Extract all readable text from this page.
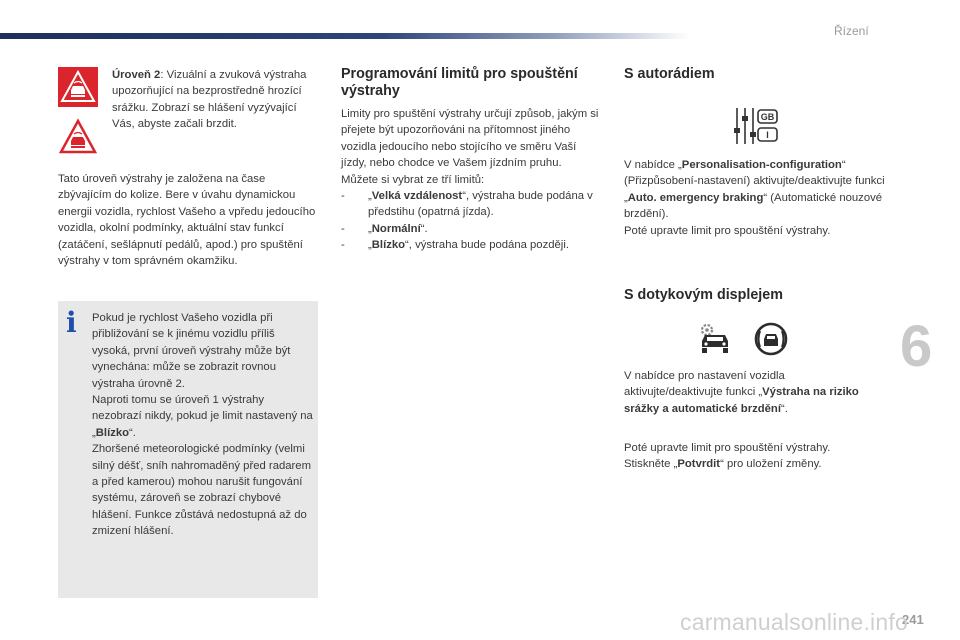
Řízení
6
241
carmanualsonline.info

Úroveň 2: Vizuální a zvuková výstraha upozorňující na bezprostředně hrozící srážku. Zobrazí se hlášení vyzývající Vás, abyste začali brzdit.

Tato úroveň výstrahy je založena na čase zbývajícím do kolize. Bere v úvahu dynamickou energii vozidla, rychlost Vašeho a vpředu jedoucího vozidla, okolní podmínky, aktuální stav funkcí (zatáčení, sešlápnutí pedálů, apod.) pro spuštění výstrahy v tom správném okamžiku.

i Pokud je rychlost Vašeho vozidla při přibližování se k jinému vozidlu příliš vysoká, první úroveň výstrahy může být vynechána: může se zobrazit rovnou výstraha úrovně 2.

Naproti tomu se úroveň 1 výstrahy nezobrazí nikdy, pokud je limit nastavený na „Blízko“.

Zhoršené meteorologické podmínky (velmi silný déšť, sníh nahromaděný před radarem a před kamerou) mohou narušit fungování systému, zároveň se zobrazí chybové hlášení. Funkce zůstává nedostupná až do zmizení hlášení.

Programování limitů pro spouštění výstrahy

Limity pro spuštění výstrahy určují způsob, jakým si přejete být upozorňováni na přítomnost jiného vozidla jedoucího nebo stojícího ve směru Vaší jízdy, nebo chodce ve Vašem jízdním pruhu.

Můžete si vybrat ze tří limitů:

- „Velká vzdálenost“, výstraha bude podána v předstihu (opatrná jízda).
- „Normální“.
- „Blízko“, výstraha bude podána později.
S autorádiem
GB
I

V nabídce „Personalisation-configuration“ (Přizpůsobení-nastavení) aktivujte/deaktivujte funkci „Auto. emergency braking“ (Automatické nouzové brzdění).
Poté upravte limit pro spouštění výstrahy.

S dotykovým displejem

V nabídce pro nastavení vozidla aktivujte/deaktivujte funkci „Výstraha na riziko srážky a automatické brzdění“.

Poté upravte limit pro spouštění výstrahy.
Stiskněte „Potvrdit“ pro uložení změny.
